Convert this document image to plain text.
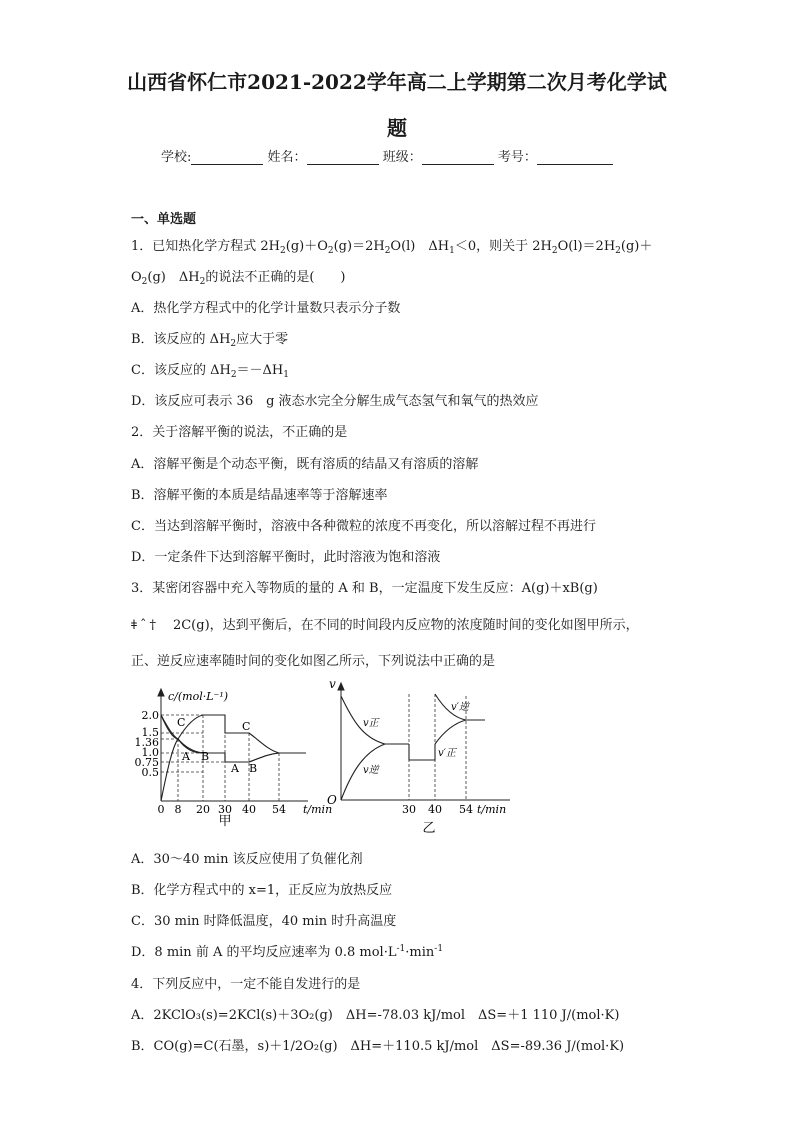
山西省怀仁市2021-2022学年高二上学期第二次月考化学试
题
学校:	姓名：	班级：	考号：
一、单选题
1．已知热化学方程式 $2H_2(g)+O_2(g)=2H_2O(l)$　$\Delta H_1<0$，则关于 $2H_2O(l)=2H_2(g)+$
$O_2(g)$　$\Delta H_2$的说法不正确的是(　　)
A．热化学方程式中的化学计量数只表示分子数
B．该反应的 $\Delta H_2$应大于零
C．该反应的 $\Delta H_2=-\Delta H_1$
D．该反应可表示 36　g 液态水完全分解生成气态氢气和氧气的热效应
2．关于溶解平衡的说法，不正确的是
A．溶解平衡是个动态平衡，既有溶质的结晶又有溶质的溶解
B．溶解平衡的本质是结晶速率等于溶解速率
C．当达到溶解平衡时，溶液中各种微粒的浓度不再变化，所以溶解过程不再进行
D．一定条件下达到溶解平衡时，此时溶液为饱和溶液
3．某密闭容器中充入等物质的量的 A 和 B，一定温度下发生反应：A(g)＋xB(g)
ǂˆ† 2C(g)，达到平衡后，在不同的时间段内反应物的浓度随时间的变化如图甲所示，
正、逆反应速率随时间的变化如图乙所示，下列说法中正确的是
c/(mol·L⁻¹)
2.0
1.5
1.36
1.0
0.75
0.5
0 8 20 30 40 54 t/min
C
A B
C
A B
甲
v
O
30 40 54 t/min
v正
v逆
v′逆
v′正
乙
A．30～40 min 该反应使用了负催化剂
B．化学方程式中的 x=1，正反应为放热反应
C．30 min 时降低温度，40 min 时升高温度
D．8 min 前 A 的平均反应速率为 0.8 $mol\cdot L^{-1}\cdot\min^{-1}$
4．下列反应中，一定不能自发进行的是
A．2KClO₃(s)=2KCl(s)＋3O₂(g)　ΔH=-78.03 kJ/mol　ΔS=＋1 110 J/(mol·K)
B．CO(g)=C(石墨，s)＋1/2O₂(g)　ΔH=＋110.5 kJ/mol　ΔS=-89.36 J/(mol·K)
